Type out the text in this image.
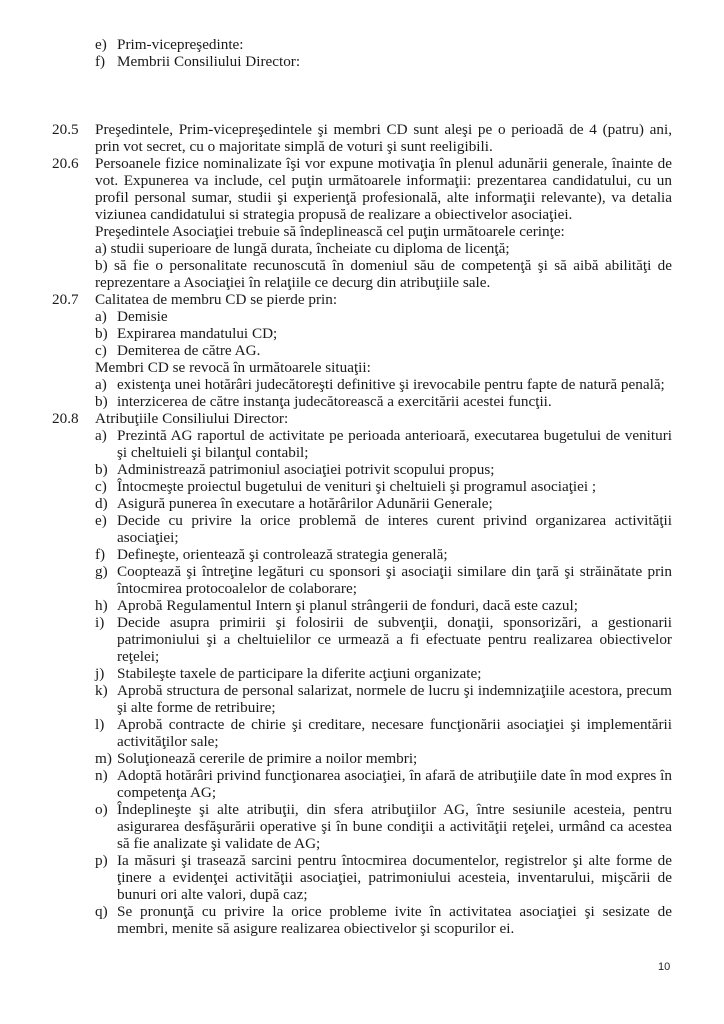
e) Prim-vicepreşedinte:
f) Membrii Consiliului Director:
20.5	Preşedintele, Prim-vicepreşedintele şi membri CD sunt aleşi pe o perioadă de 4 (patru) ani, prin vot secret, cu o majoritate simplă de voturi şi sunt reeligibili.

20.6	Persoanele fizice nominalizate îşi vor expune motivaţia în plenul adunării generale, înainte de vot. Expunerea va include, cel puţin următoarele informaţii: prezentarea candidatului, cu un profil personal sumar, studii şi experienţă profesională, alte informaţii relevante), va detalia viziunea candidatului si strategia propusă de realizare a obiectivelor asociaţiei.

Preşedintele Asociaţiei trebuie să îndeplinească cel puţin următoarele cerinţe:

a) studii superioare de lungă durata, încheiate cu diploma de licenţă;

b) să fie o personalitate recunoscută în domeniul său de competenţă şi să aibă abilităţi de reprezentare a Asociaţiei în relaţiile ce decurg din atribuţiile sale.

20.7	Calitatea de membru CD se pierde prin:

a) Demisie
b) Expirarea mandatului CD;
c) Demiterea de către AG.

Membri CD se revocă în următoarele situaţii:

a) existenţa unei hotărâri judecătoreşti definitive şi irevocabile pentru fapte de natură penală;
b) interzicerea de către instanţa judecătorească a exercitării acestei funcţii.
20.8	Atribuţiile Consiliului Director:

a) Prezintă AG raportul de activitate pe perioada anterioară, executarea bugetului de venituri şi cheltuieli şi bilanţul contabil;
b) Administrează patrimoniul asociaţiei potrivit scopului propus;
c) Întocmeşte proiectul bugetului de venituri şi cheltuieli şi programul asociaţiei ;
d) Asigură punerea în executare a hotărârilor Adunării Generale;
e) Decide cu privire la orice problemă de interes curent privind organizarea activităţii asociaţiei;
f) Defineşte, orientează şi controlează strategia generală;
g) Cooptează şi întreţine legături cu sponsori şi asociaţii similare din ţară şi străinătate prin întocmirea protocoalelor de colaborare;
h) Aprobă Regulamentul Intern şi planul strângerii de fonduri, dacă este cazul;
i) Decide asupra primirii şi folosirii de subvenţii, donaţii, sponsorizări, a gestionarii patrimoniului şi a cheltuielilor ce urmează a fi efectuate pentru realizarea obiectivelor reţelei;
j) Stabileşte taxele de participare la diferite acţiuni organizate;
k) Aprobă structura de personal salarizat, normele de lucru şi indemnizaţiile acestora, precum şi alte forme de retribuire;
l) Aprobă contracte de chirie şi creditare, necesare funcţionării asociaţiei şi implementării activităţilor sale;
m) Soluţionează cererile de primire a noilor membri;
n) Adoptă hotărâri privind funcţionarea asociaţiei, în afară de atribuţiile date în mod expres în competenţa AG;
o) Îndeplineşte şi alte atribuţii, din sfera atribuţiilor AG, între sesiunile acesteia, pentru asigurarea desfăşurării operative şi în bune condiţii a activităţii reţelei, urmând ca acestea să fie analizate şi validate de AG;
p) Ia măsuri şi trasează sarcini pentru întocmirea documentelor, registrelor şi alte forme de ţinere a evidenţei activităţii asociaţiei, patrimoniului acesteia, inventarului, mişcării de bunuri ori alte valori, după caz;
q) Se pronunţă cu privire la orice probleme ivite în activitatea asociaţiei şi sesizate de membri, menite să asigure realizarea obiectivelor şi scopurilor ei.
10
